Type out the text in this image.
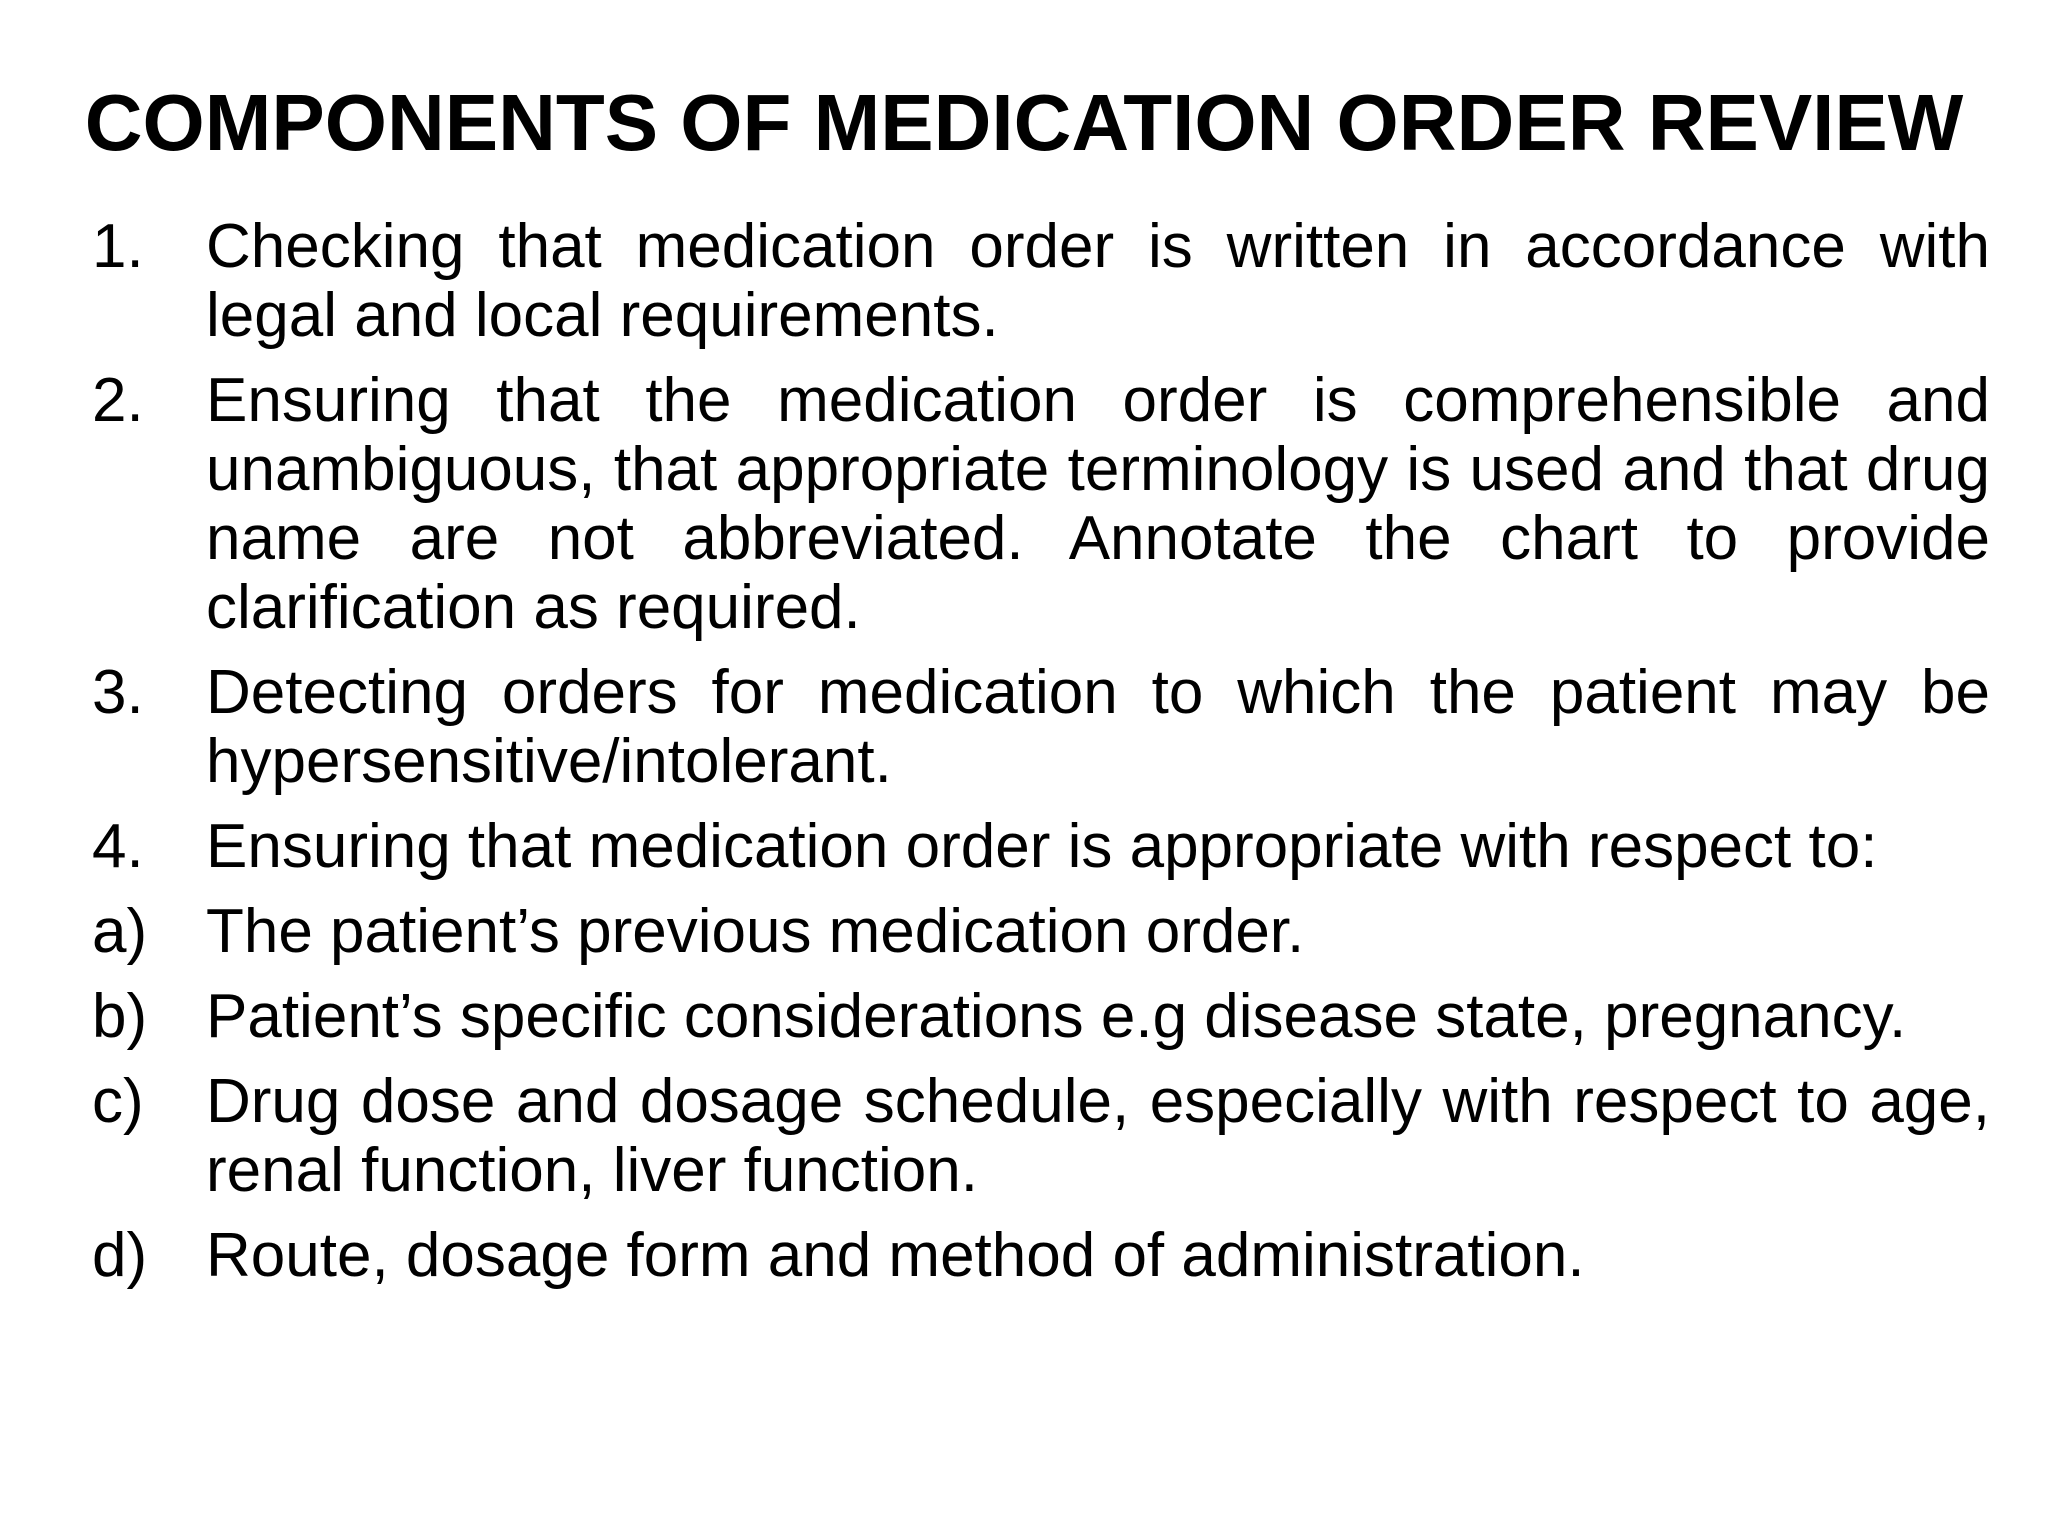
COMPONENTS OF MEDICATION ORDER REVIEW
1.	Checking that medication order is written in accordance with legal and local requirements.
2.	Ensuring that the medication order is comprehensible and unambiguous, that appropriate terminology is used and that drug name are not abbreviated. Annotate the chart to provide clarification as required.
3.	Detecting orders for medication to which the patient may be hypersensitive/intolerant.
4.	Ensuring that medication order is appropriate with respect to:
a) The patient’s previous medication order.
b) Patient’s specific considerations e.g disease state, pregnancy.
c)	Drug dose and dosage schedule, especially with respect to age, renal function, liver function.
d) Route, dosage form and method of administration.
